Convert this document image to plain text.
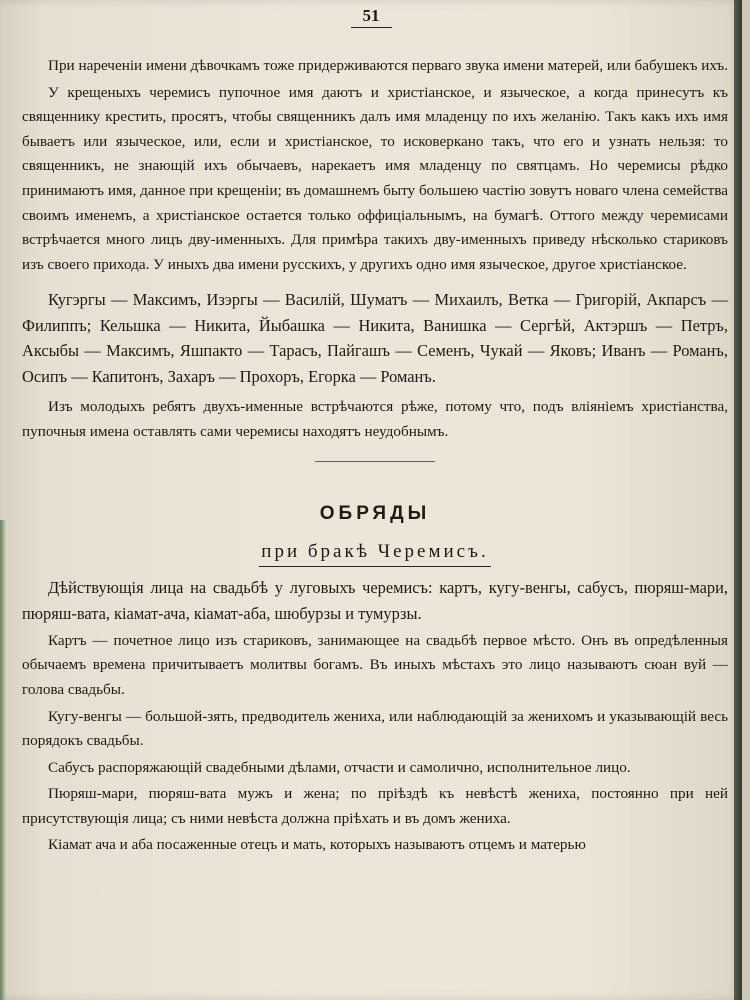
51

При нареченіи имени дѣвочкамъ тоже придерживаются перваго звука имени матерей, или бабушекъ ихъ.

У крещеныхъ черемисъ пупочное имя даютъ и христіанское, и языческое, а когда принесутъ къ священнику крестить, просятъ, чтобы священникъ далъ имя младенцу по ихъ желанію. Такъ какъ ихъ имя бываетъ или языческое, или, если и христіанское, то исковеркано такъ, что его и узнать нельзя: то священникъ, не знающій ихъ обычаевъ, нарекаетъ имя младенцу по святцамъ. Но черемисы рѣдко принимаютъ имя, данное при крещеніи; въ домашнемъ быту большею частію зовутъ новаго члена семейства своимъ именемъ, а христіанское остается только оффиціальнымъ, на бумагѣ. Оттого между черемисами встрѣчается много лицъ дву-именныхъ. Для примѣра такихъ дву-именныхъ приведу нѣсколько стариковъ изъ своего прихода. У иныхъ два имени русскихъ, у другихъ одно имя языческое, другое христіанское.

Кугэргы — Максимъ, Изэргы — Василій, Шуматъ — Михаилъ, Ветка — Григорій, Акпарсъ — Филиппъ; Кельшка — Никита, Йыбашка — Никита, Ванишка — Сергѣй, Актэршъ — Петръ, Аксыбы — Максимъ, Яшпакто — Тарасъ, Пайгашъ — Семенъ, Чукай — Яковъ; Иванъ — Романъ, Осипъ — Капитонъ, Захаръ — Прохоръ, Егорка — Романъ.

Изъ молодыхъ ребятъ двухъ-именные встрѣчаются рѣже, потому что, подъ вліяніемъ христіанства, пупочныя имена оставлять сами черемисы находятъ неудобнымъ.

ОБРЯДЫ
при бракѣ Черемисъ.

Дѣйствующія лица на свадьбѣ у луговыхъ черемисъ: картъ, кугу-венгы, сабусъ, пюряш-мари, пюряш-вата, кіамат-ача, кіамат-аба, шюбурзы и тумурзы.

Картъ — почетное лицо изъ стариковъ, занимающее на свадьбѣ первое мѣсто. Онъ въ опредѣленныя обычаемъ времена причитываетъ молитвы богамъ. Въ иныхъ мѣстахъ это лицо называютъ сюан вуй — голова свадьбы.

Кугу-венгы — большой-зять, предводитель жениха, или наблюдающій за женихомъ и указывающій весь порядокъ свадьбы.

Сабусъ распоряжающій свадебными дѣлами, отчасти и самолично, исполнительное лицо.

Пюряш-мари, пюряш-вата мужъ и жена; по пріѣздѣ къ невѣстѣ жениха, постоянно при ней присутствующія лица; съ ними невѣста должна пріѣхать и въ домъ жениха.

Кіамат ача и аба посаженные отецъ и мать, которыхъ называютъ отцемъ и матерью
